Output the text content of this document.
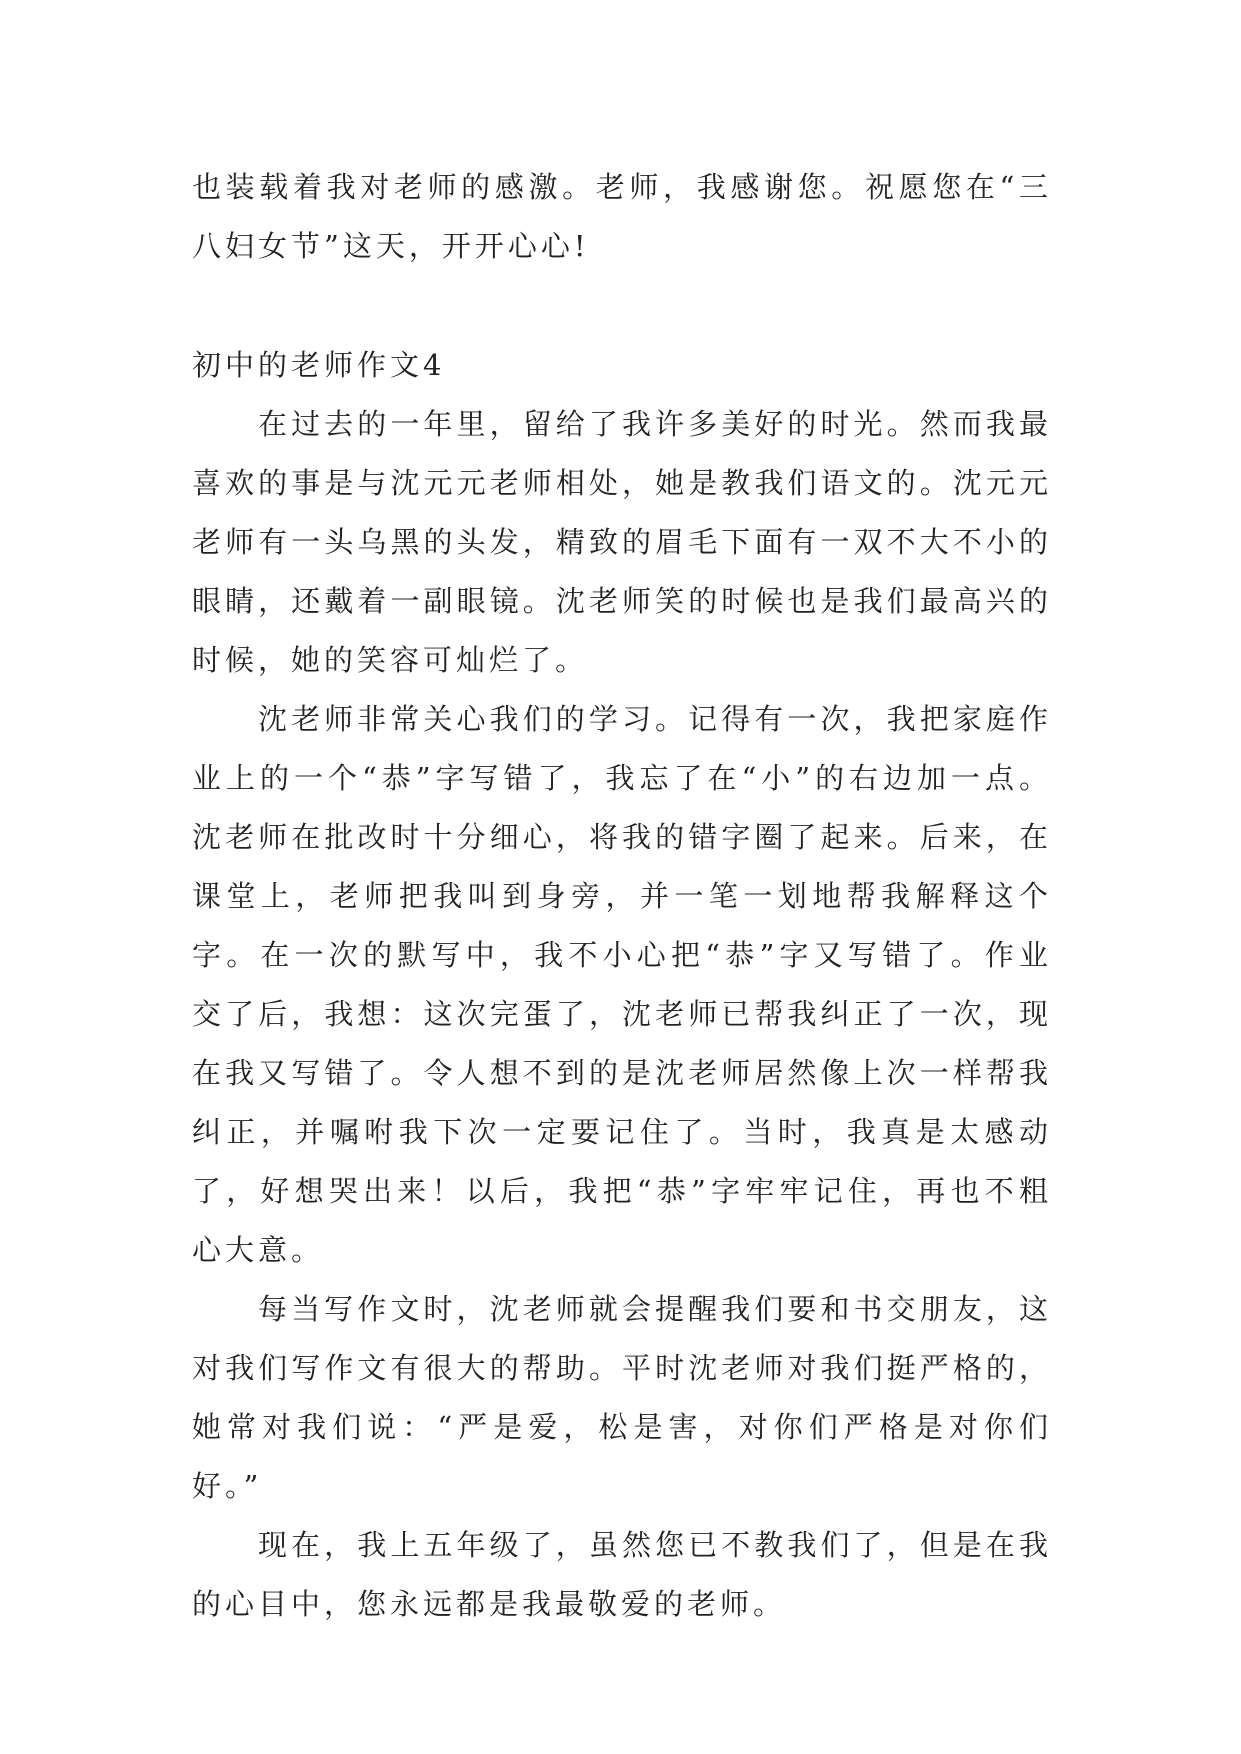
也装载着我对老师的感激。老师，我感谢您。祝愿您在“三八妇女节”这天，开开心心!

初中的老师作文4

在过去的一年里，留给了我许多美好的时光。然而我最喜欢的事是与沈元元老师相处，她是教我们语文的。沈元元老师有一头乌黑的头发，精致的眉毛下面有一双不大不小的眼睛，还戴着一副眼镜。沈老师笑的时候也是我们最高兴的时候，她的笑容可灿烂了。

沈老师非常关心我们的学习。记得有一次，我把家庭作业上的一个“恭”字写错了，我忘了在“小”的右边加一点。沈老师在批改时十分细心，将我的错字圈了起来。后来，在课堂上，老师把我叫到身旁，并一笔一划地帮我解释这个字。在一次的默写中，我不小心把“恭”字又写错了。作业交了后，我想：这次完蛋了，沈老师已帮我纠正了一次，现在我又写错了。令人想不到的是沈老师居然像上次一样帮我纠正，并嘱咐我下次一定要记住了。当时，我真是太感动了，好想哭出来！以后，我把“恭”字牢牢记住，再也不粗心大意。

每当写作文时，沈老师就会提醒我们要和书交朋友，这对我们写作文有很大的帮助。平时沈老师对我们挺严格的，她常对我们说：“严是爱，松是害，对你们严格是对你们好。”

现在，我上五年级了，虽然您已不教我们了，但是在我的心目中，您永远都是我最敬爱的老师。
